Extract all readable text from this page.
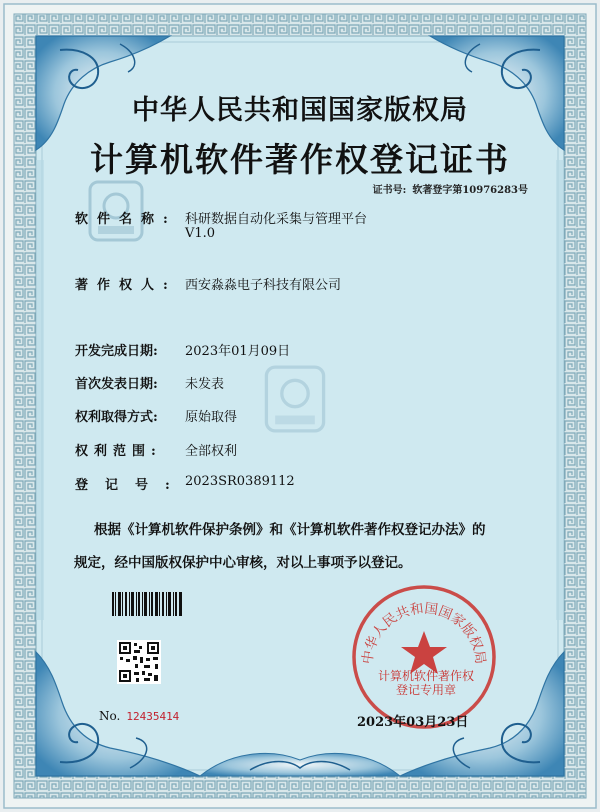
中华人民共和国国家版权局
计算机软件著作权登记证书
证书号: 软著登字第10976283号
软件名称: 科研数据自动化采集与管理平台
V1.0
著作权人: 西安淼淼电子科技有限公司
开发完成日期:	2023年01月09日
首次发表日期:	未发表
权利取得方式:	原始取得
权利范围:	全部权利
登记号:
2023SR0389112
根据《计算机软件保护条例》和《计算机软件著作权登记办法》的
规定，经中国版权保护中心审核，对以上事项予以登记。
No. 12435414
中华人民共和国国家版权局
计算机软件著作权
登记专用章
2023年03月23日
